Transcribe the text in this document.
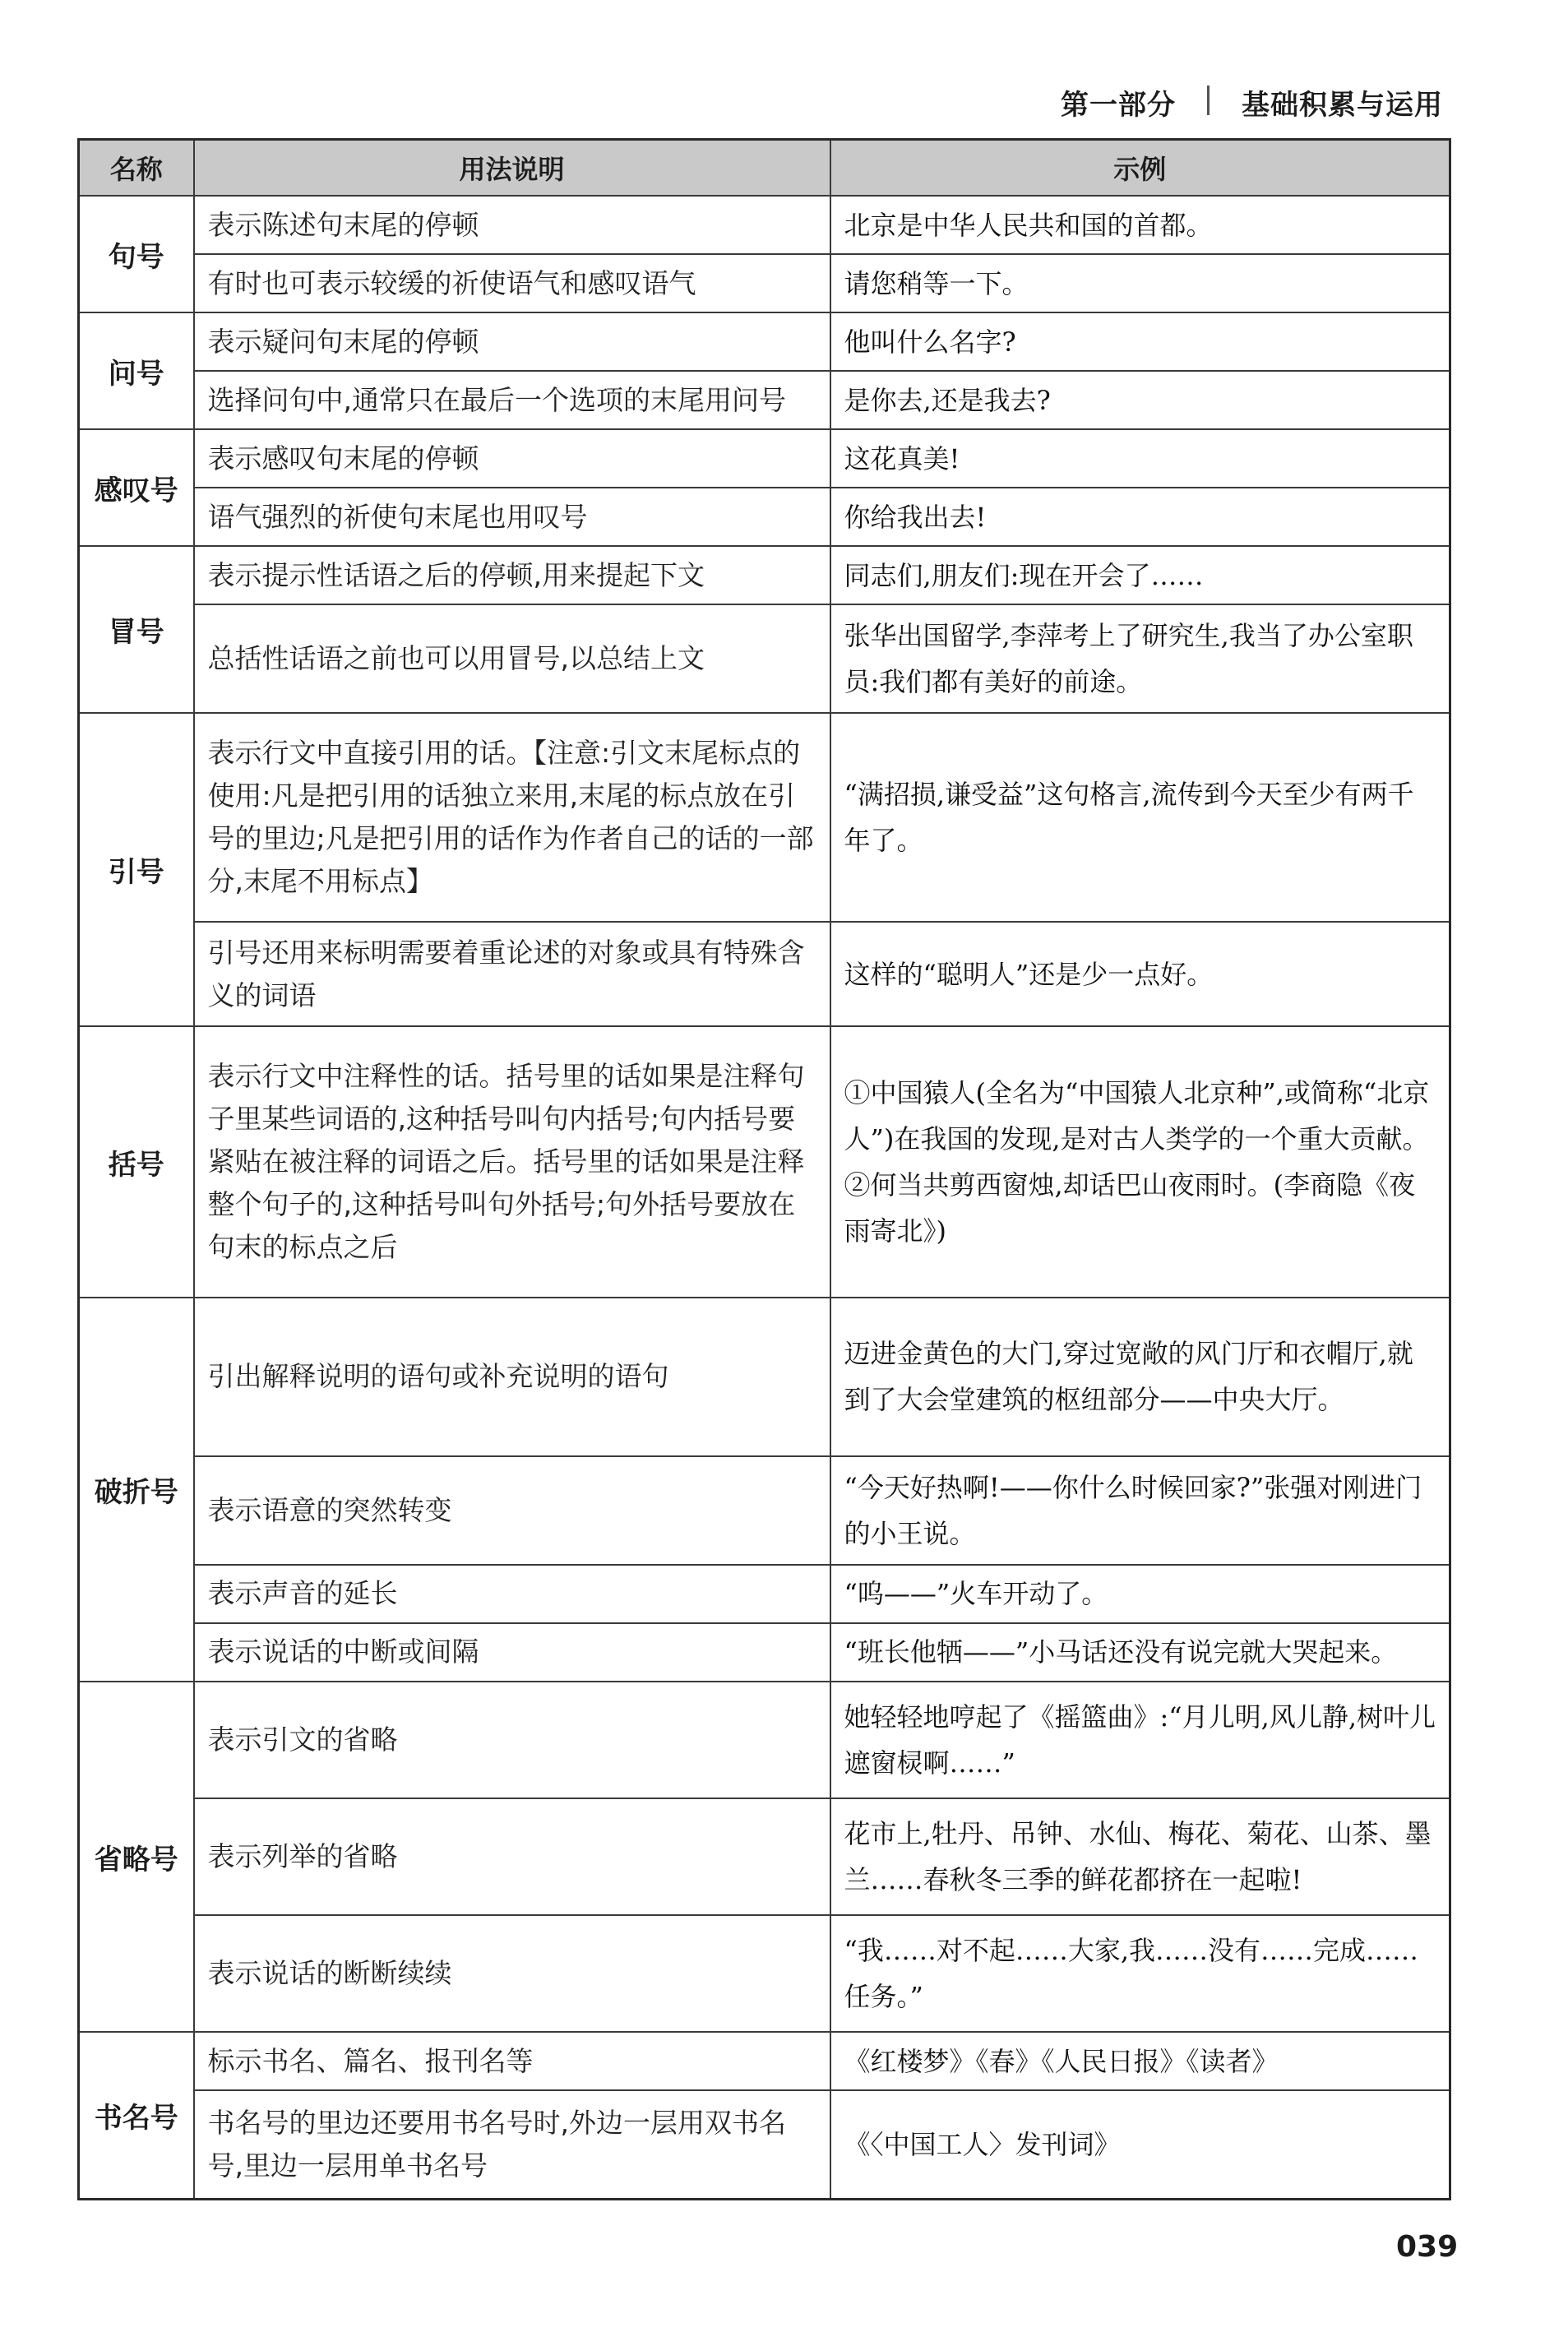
第一部分 基础积累与运用
名称	用法说明	示例
句号	表示陈述句末尾的停顿	北京是中华人民共和国的首都。
	有时也可表示较缓的祈使语气和感叹语气	请您稍等一下。
问号	表示疑问句末尾的停顿	他叫什么名字?
	选择问句中,通常只在最后一个选项的末尾用问号	是你去,还是我去?
感叹号	表示感叹句末尾的停顿	这花真美!
	语气强烈的祈使句末尾也用叹号	你给我出去!
冒号	表示提示性话语之后的停顿,用来提起下文	同志们,朋友们:现在开会了……
	总括性话语之前也可以用冒号,以总结上文	张华出国留学,李萍考上了研究生,我当了办公室职员:我们都有美好的前途。
引号	表示行文中直接引用的话。【注意:引文末尾标点的使用:凡是把引用的话独立来用,末尾的标点放在引号的里边;凡是把引用的话作为作者自己的话的一部分,末尾不用标点】	“满招损,谦受益”这句格言,流传到今天至少有两千年了。
	引号还用来标明需要着重论述的对象或具有特殊含义的词语	这样的“聪明人”还是少一点好。
括号	表示行文中注释性的话。括号里的话如果是注释句子里某些词语的,这种括号叫句内括号;句内括号要紧贴在被注释的词语之后。括号里的话如果是注释整个句子的,这种括号叫句外括号;句外括号要放在句末的标点之后	①中国猿人(全名为“中国猿人北京种”,或简称“北京人”)在我国的发现,是对古人类学的一个重大贡献。
②何当共剪西窗烛,却话巴山夜雨时。(李商隐《夜雨寄北》)

破折号	引出解释说明的语句或补充说明的语句	迈进金黄色的大门,穿过宽敞的风门厅和衣帽厅,就到了大会堂建筑的枢纽部分——中央大厅。
	表示语意的突然转变	“今天好热啊!——你什么时候回家?”张强对刚进门的小王说。
	表示声音的延长	“呜——”火车开动了。
	表示说话的中断或间隔	“班长他牺——”小马话还没有说完就大哭起来。
省略号	表示引文的省略	她轻轻地哼起了《摇篮曲》:“月儿明,风儿静,树叶儿遮窗棂啊……”
	表示列举的省略	花市上,牡丹、吊钟、水仙、梅花、菊花、山茶、墨兰……春秋冬三季的鲜花都挤在一起啦!
	表示说话的断断续续	“我……对不起……大家,我……没有……完成……任务。”
书名号	标示书名、篇名、报刊名等	《红楼梦》《春》《人民日报》《读者》
	书名号的里边还要用书名号时,外边一层用双书名号,里边一层用单书名号	《〈中国工人〉发刊词》
039
